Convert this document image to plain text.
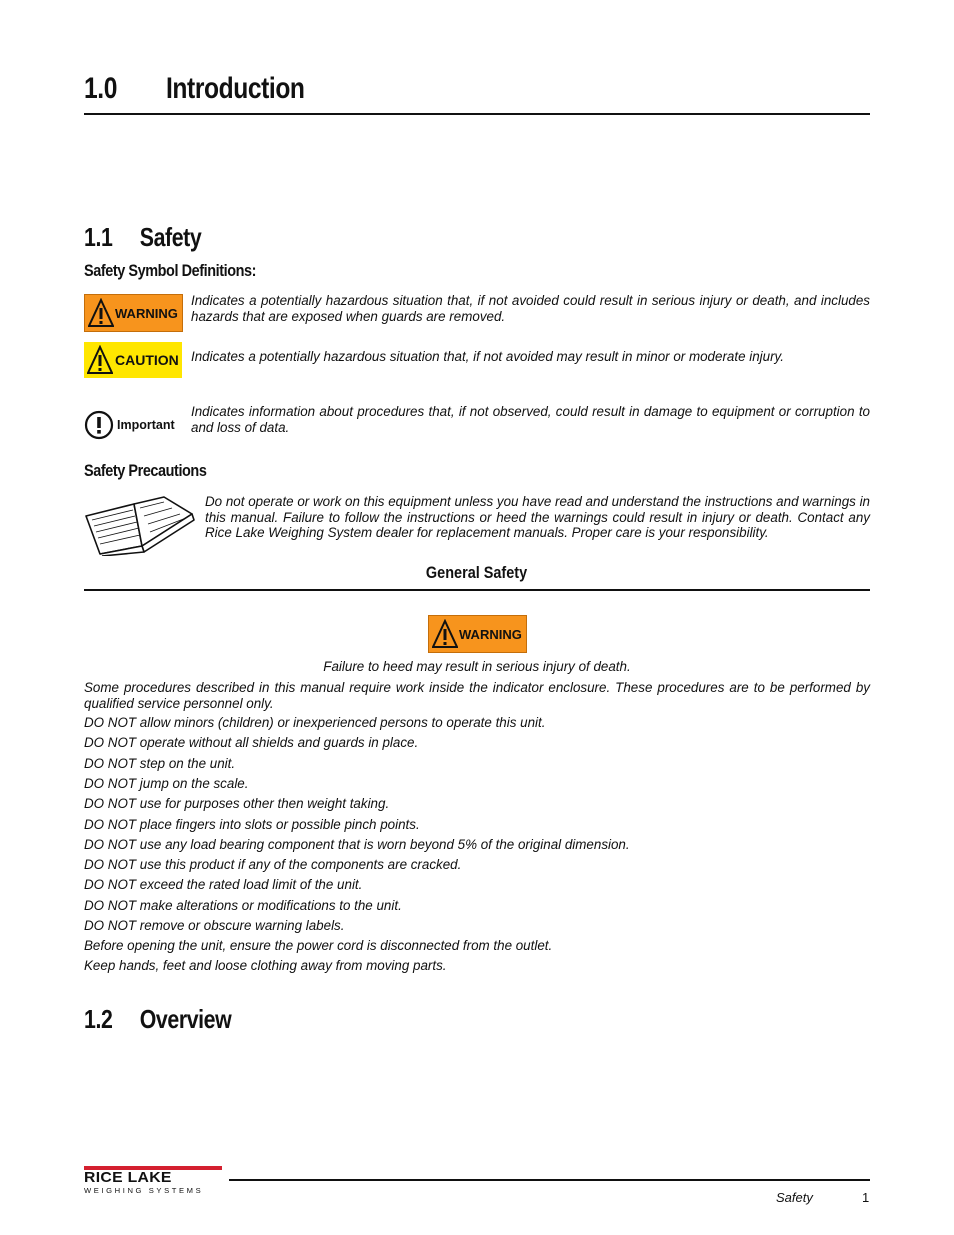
1.0 Introduction
1.1 Safety
Safety Symbol Definitions:
WARNING
Indicates a potentially hazardous situation that, if not avoided could result in serious injury or death, and includes hazards that are exposed when guards are removed.
CAUTION Indicates a potentially hazardous situation that, if not avoided may result in minor or moderate injury.
Important
Indicates information about procedures that, if not observed, could result in damage to equipment or corruption to and loss of data.
Safety Precautions
Do not operate or work on this equipment unless you have read and understand the instructions and warnings in this manual. Failure to follow the instructions or heed the warnings could result in injury or death. Contact any Rice Lake Weighing System dealer for replacement manuals. Proper care is your responsibility.
General Safety
WARNING
Failure to heed may result in serious injury of death.
Some procedures described in this manual require work inside the indicator enclosure. These procedures are to be performed by qualified service personnel only.
DO NOT allow minors (children) or inexperienced persons to operate this unit.
DO NOT operate without all shields and guards in place.
DO NOT step on the unit.
DO NOT jump on the scale.
DO NOT use for purposes other then weight taking.
DO NOT place fingers into slots or possible pinch points.
DO NOT use any load bearing component that is worn beyond 5% of the original dimension.
DO NOT use this product if any of the components are cracked.
DO NOT exceed the rated load limit of the unit.
DO NOT make alterations or modifications to the unit.
DO NOT remove or obscure warning labels.
Before opening the unit, ensure the power cord is disconnected from the outlet.
Keep hands, feet and loose clothing away from moving parts.
1.2 Overview
RICE LAKE
WEIGHING SYSTEMS	Safety	1
